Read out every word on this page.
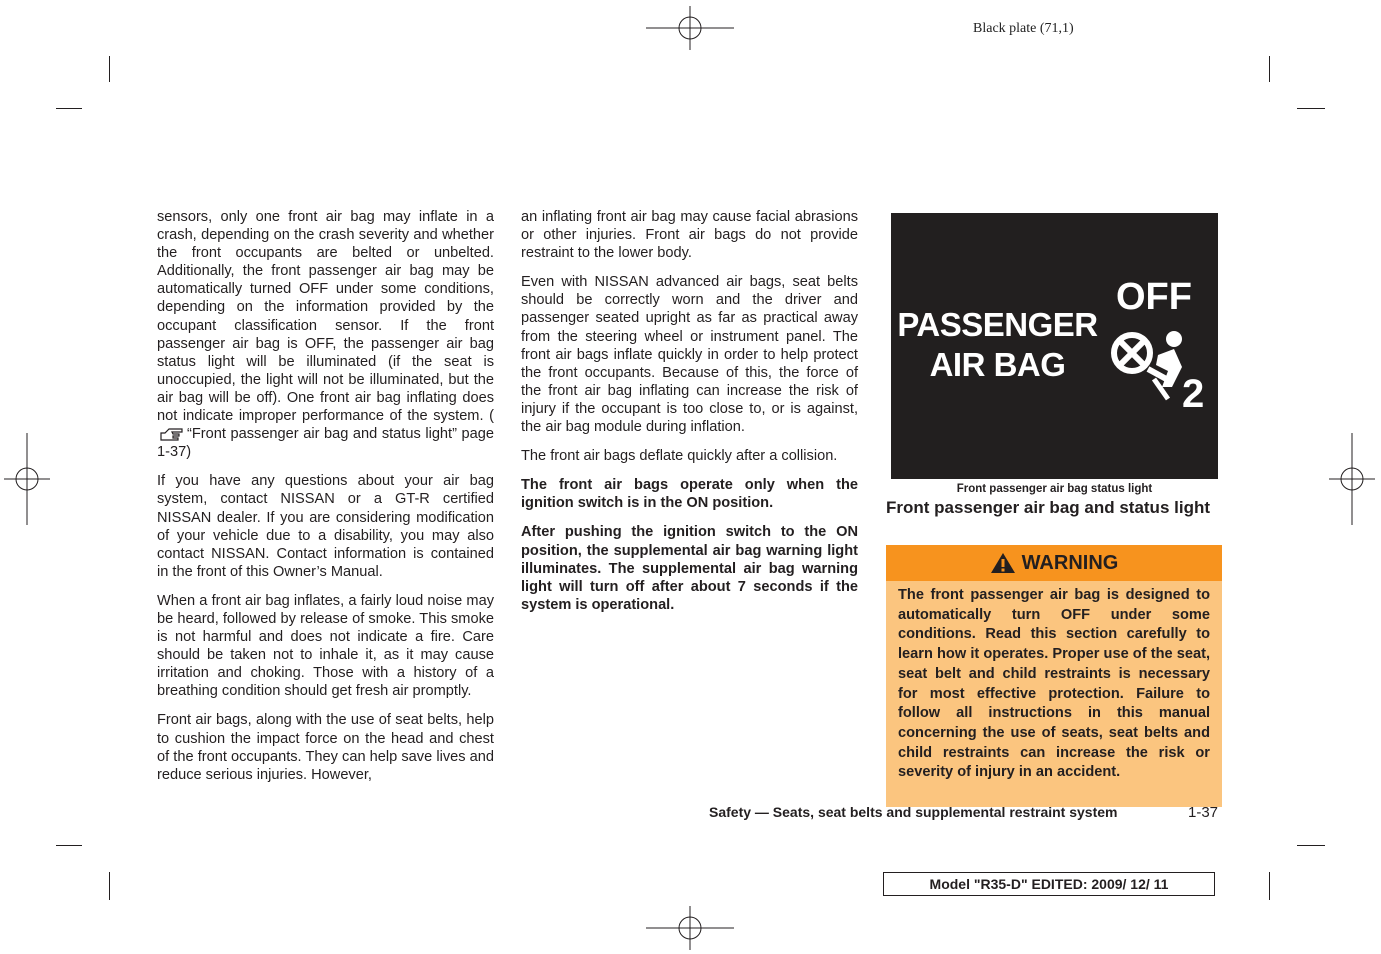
Black plate (71,1)

sensors, only one front air bag may inflate in a crash, depending on the crash severity and whether the front occupants are belted or unbelted. Additionally, the front passenger air bag may be automatically turned OFF under some conditions, depending on the information provided by the occupant classification sensor. If the front passenger air bag is OFF, the passenger air bag status light will be illuminated (if the seat is unoccupied, the light will not be illuminated, but the air bag will be off). One front air bag inflating does not indicate improper performance of the system. (“Front passenger air bag and status light” page 1-37)

If you have any questions about your air bag system, contact NISSAN or a GT-R certified NISSAN dealer. If you are considering modification of your vehicle due to a disability, you may also contact NISSAN. Contact information is contained in the front of this Owner’s Manual.

When a front air bag inflates, a fairly loud noise may be heard, followed by release of smoke. This smoke is not harmful and does not indicate a fire. Care should be taken not to inhale it, as it may cause irritation and choking. Those with a history of a breathing condition should get fresh air promptly.

Front air bags, along with the use of seat belts, help to cushion the impact force on the head and chest of the front occupants. They can help save lives and reduce serious injuries. However,

an inflating front air bag may cause facial abrasions or other injuries. Front air bags do not provide restraint to the lower body.

Even with NISSAN advanced air bags, seat belts should be correctly worn and the driver and passenger seated upright as far as practical away from the steering wheel or instrument panel. The front air bags inflate quickly in order to help protect the front occupants. Because of this, the force of the front air bag inflating can increase the risk of injury if the occupant is too close to, or is against, the air bag module during inflation.

The front air bags deflate quickly after a collision.

The front air bags operate only when the ignition switch is in the ON position.

After pushing the ignition switch to the ON position, the supplemental air bag warning light illuminates. The supplemental air bag warning light will turn off after about 7 seconds if the system is operational.

PASSENGER
AIR BAG
OFF
2
Front passenger air bag status light
Front passenger air bag and status light
WARNING
The front passenger air bag is designed to automatically turn OFF under some conditions. Read this section carefully to learn how it operates. Proper use of the seat, seat belt and child restraints is necessary for most effective protection. Failure to follow all instructions in this manual concerning the use of seats, seat belts and child restraints can increase the risk or severity of injury in an accident.
Safety — Seats, seat belts and supplemental restraint system	1-37
Model "R35-D" EDITED: 2009/ 12/ 11
